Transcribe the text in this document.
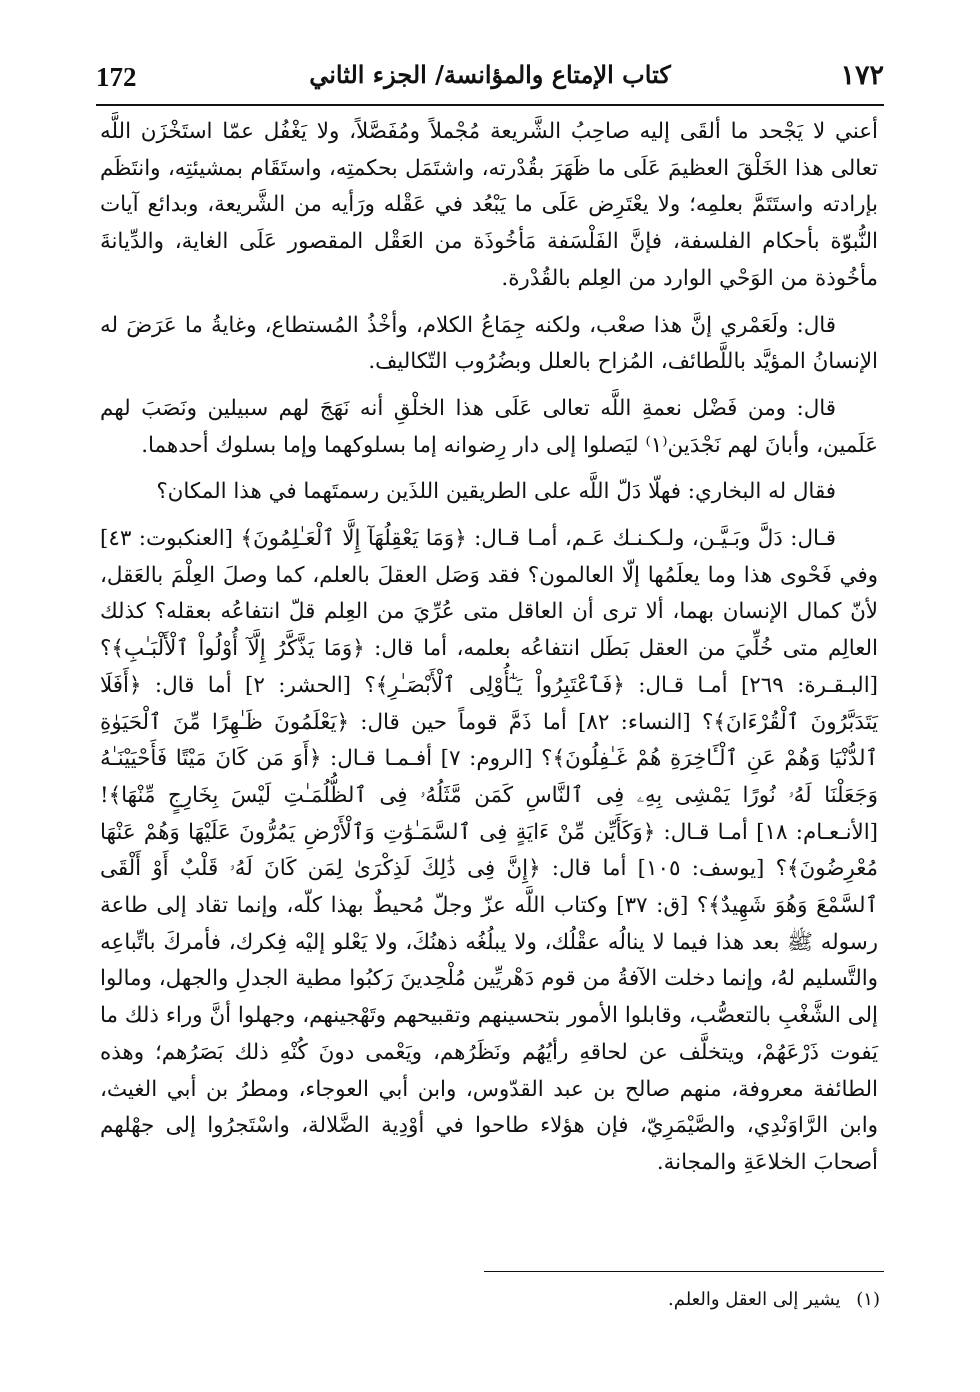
172	كتاب الإمتاع والمؤانسة/ الجزء الثاني	١٧٢

أعني لا يَجْحد ما ألقَى إليه صاحِبُ الشَّريعة مُجْملاً ومُفَصَّلاً، ولا يَغْفُل عمّا استَخْزَن اللَّه تعالى هذا الخَلْقَ العظيمَ عَلَى ما ظَهَرَ بقُدْرته، واشتَمَل بحكمتِه، واستَقَام بمشيئتِه، وانتَظَم بإرادته واستَتَمَّ بعلمِه؛ ولا يعْتَرِض عَلَى ما يَبْعُد في عَقْله ورَأيه من الشَّريعة، وبدائع آيات النُّبوّة بأحكام الفلسفة، فإنَّ الفَلْسَفة مَأخُوذَة من العَقْل المقصور عَلَى الغاية، والدِّيانةَ مأخُوذة من الوَحْي الوارد من العِلم بالقُدْرة.

قال: ولَعَمْري إنَّ هذا صعْب، ولكنه جِمَاعُ الكلام، وأخْذُ المُستطاع، وغايةُ ما عَرَضَ له الإنسانُ المؤيَّد باللَّطائف، المُزاح بالعلل وبضُرُوب التّكاليف.

قال: ومن فَضْل نعمةِ اللَّه تعالى عَلَى هذا الخلْقِ أنه نَهَجَ لهم سبيلين ونَصَبَ لهم عَلَمين، وأبانَ لهم نَجْدَين⁽١⁾ ليَصلوا إلى دار رِضوانه إما بسلوكهما وإما بسلوك أحدهما.

فقال له البخاري: فهلّا دَلّ اللَّه على الطريقين اللذَين رسمتَهما في هذا المكان؟

قـال: دَلَّ وبَـيَّـن، ولـكـنـك عَـم، أمـا قـال: ﴿وَمَا يَعْقِلُهَآ إِلَّا ٱلْعَـٰلِمُونَ﴾ [العنكبوت: ٤٣] وفي فَحْوى هذا وما يعلَمُها إلّا العالمون؟ فقد وَصَل العقلَ بالعلم، كما وصلَ العِلْمَ بالعَقل، لأنّ كمال الإنسان بهما، ألا ترى أن العاقل متى عُرِّيَ من العِلم قلّ انتفاعُه بعقله؟ كذلك العالِم متى خُلِّيَ من العقل بَطَل انتفاعُه بعلمه، أما قال: ﴿وَمَا يَذَّكَّرُ إِلَّآ أُوْلُواْ ٱلْأَلْبَـٰبِ﴾؟ [البـقـرة: ٢٦٩] أمـا قـال: ﴿فَٱعْتَبِرُواْ يَـٰٓأُوْلِى ٱلْأَبْصَـٰرِ﴾؟ [الحشر: ٢] أما قال: ﴿أَفَلَا يَتَدَبَّرُونَ ٱلْقُرْءَانَ﴾؟ [النساء: ٨٢] أما ذَمَّ قوماً حين قال: ﴿يَعْلَمُونَ ظَـٰهِرًا مِّنَ ٱلْحَيَوٰةِ ٱلدُّنْيَا وَهُمْ عَنِ ٱلْـَٔاخِرَةِ هُمْ غَـٰفِلُونَ﴾؟ [الروم: ٧] أفـمـا قـال: ﴿أَوَ مَن كَانَ مَيْتًا فَأَحْيَيْنَـٰهُ وَجَعَلْنَا لَهُۥ نُورًا يَمْشِى بِهِۦ فِى ٱلنَّاسِ كَمَن مَّثَلُهُۥ فِى ٱلظُّلُمَـٰتِ لَيْسَ بِخَارِجٍ مِّنْهَا﴾! [الأنـعـام: ١٨] أمـا قـال: ﴿وَكَأَيِّن مِّنْ ءَايَةٍ فِى ٱلسَّمَـٰوَٰتِ وَٱلْأَرْضِ يَمُرُّونَ عَلَيْهَا وَهُمْ عَنْهَا مُعْرِضُونَ﴾؟ [يوسف: ١٠٥] أما قال: ﴿إِنَّ فِى ذَٰلِكَ لَذِكْرَىٰ لِمَن كَانَ لَهُۥ قَلْبٌ أَوْ أَلْقَى ٱلسَّمْعَ وَهُوَ شَهِيدٌ﴾؟ [ق: ٣٧] وكتاب اللَّه عزّ وجلّ مُحيطٌ بهذا كلّه، وإنما تقاد إلى طاعة رسوله ﷺ بعد هذا فيما لا ينالُه عقْلُك، ولا يبلُغُه ذهنُكَ، ولا يَعْلو إليْه فِكرك، فأمركَ باتِّباعِه والتَّسليم لهُ، وإنما دخلت الآفةُ من قوم دَهْريِّين مُلْحِدينَ رَكبُوا مطية الجدلِ والجهل، ومالوا إلى الشَّغْبِ بالتعصُّب، وقابلوا الأمور بتحسينهم وتقبيحهم وتَهْجينهم، وجهلوا أنَّ وراء ذلك ما يَفوت ذَرْعَهُمْ، ويتخلَّف عن لحاقهِ رأيُهُم ونَظَرُهم، ويَعْمى دونَ كُنْهِ ذلك بَصَرُهم؛ وهذه الطائفة معروفة، منهم صالح بن عبد القدّوس، وابن أبي العوجاء، ومطرُ بن أبي الغيث، وابن الرَّاوَنْدِي، والصَّيْمَرِيّ، فإن هؤلاء طاحوا في أوْدِية الضَّلالة، واسْتَجرُوا إلى جهْلهم أصحابَ الخلاعَةِ والمجانة.

(١) يشير إلى العقل والعلم.
